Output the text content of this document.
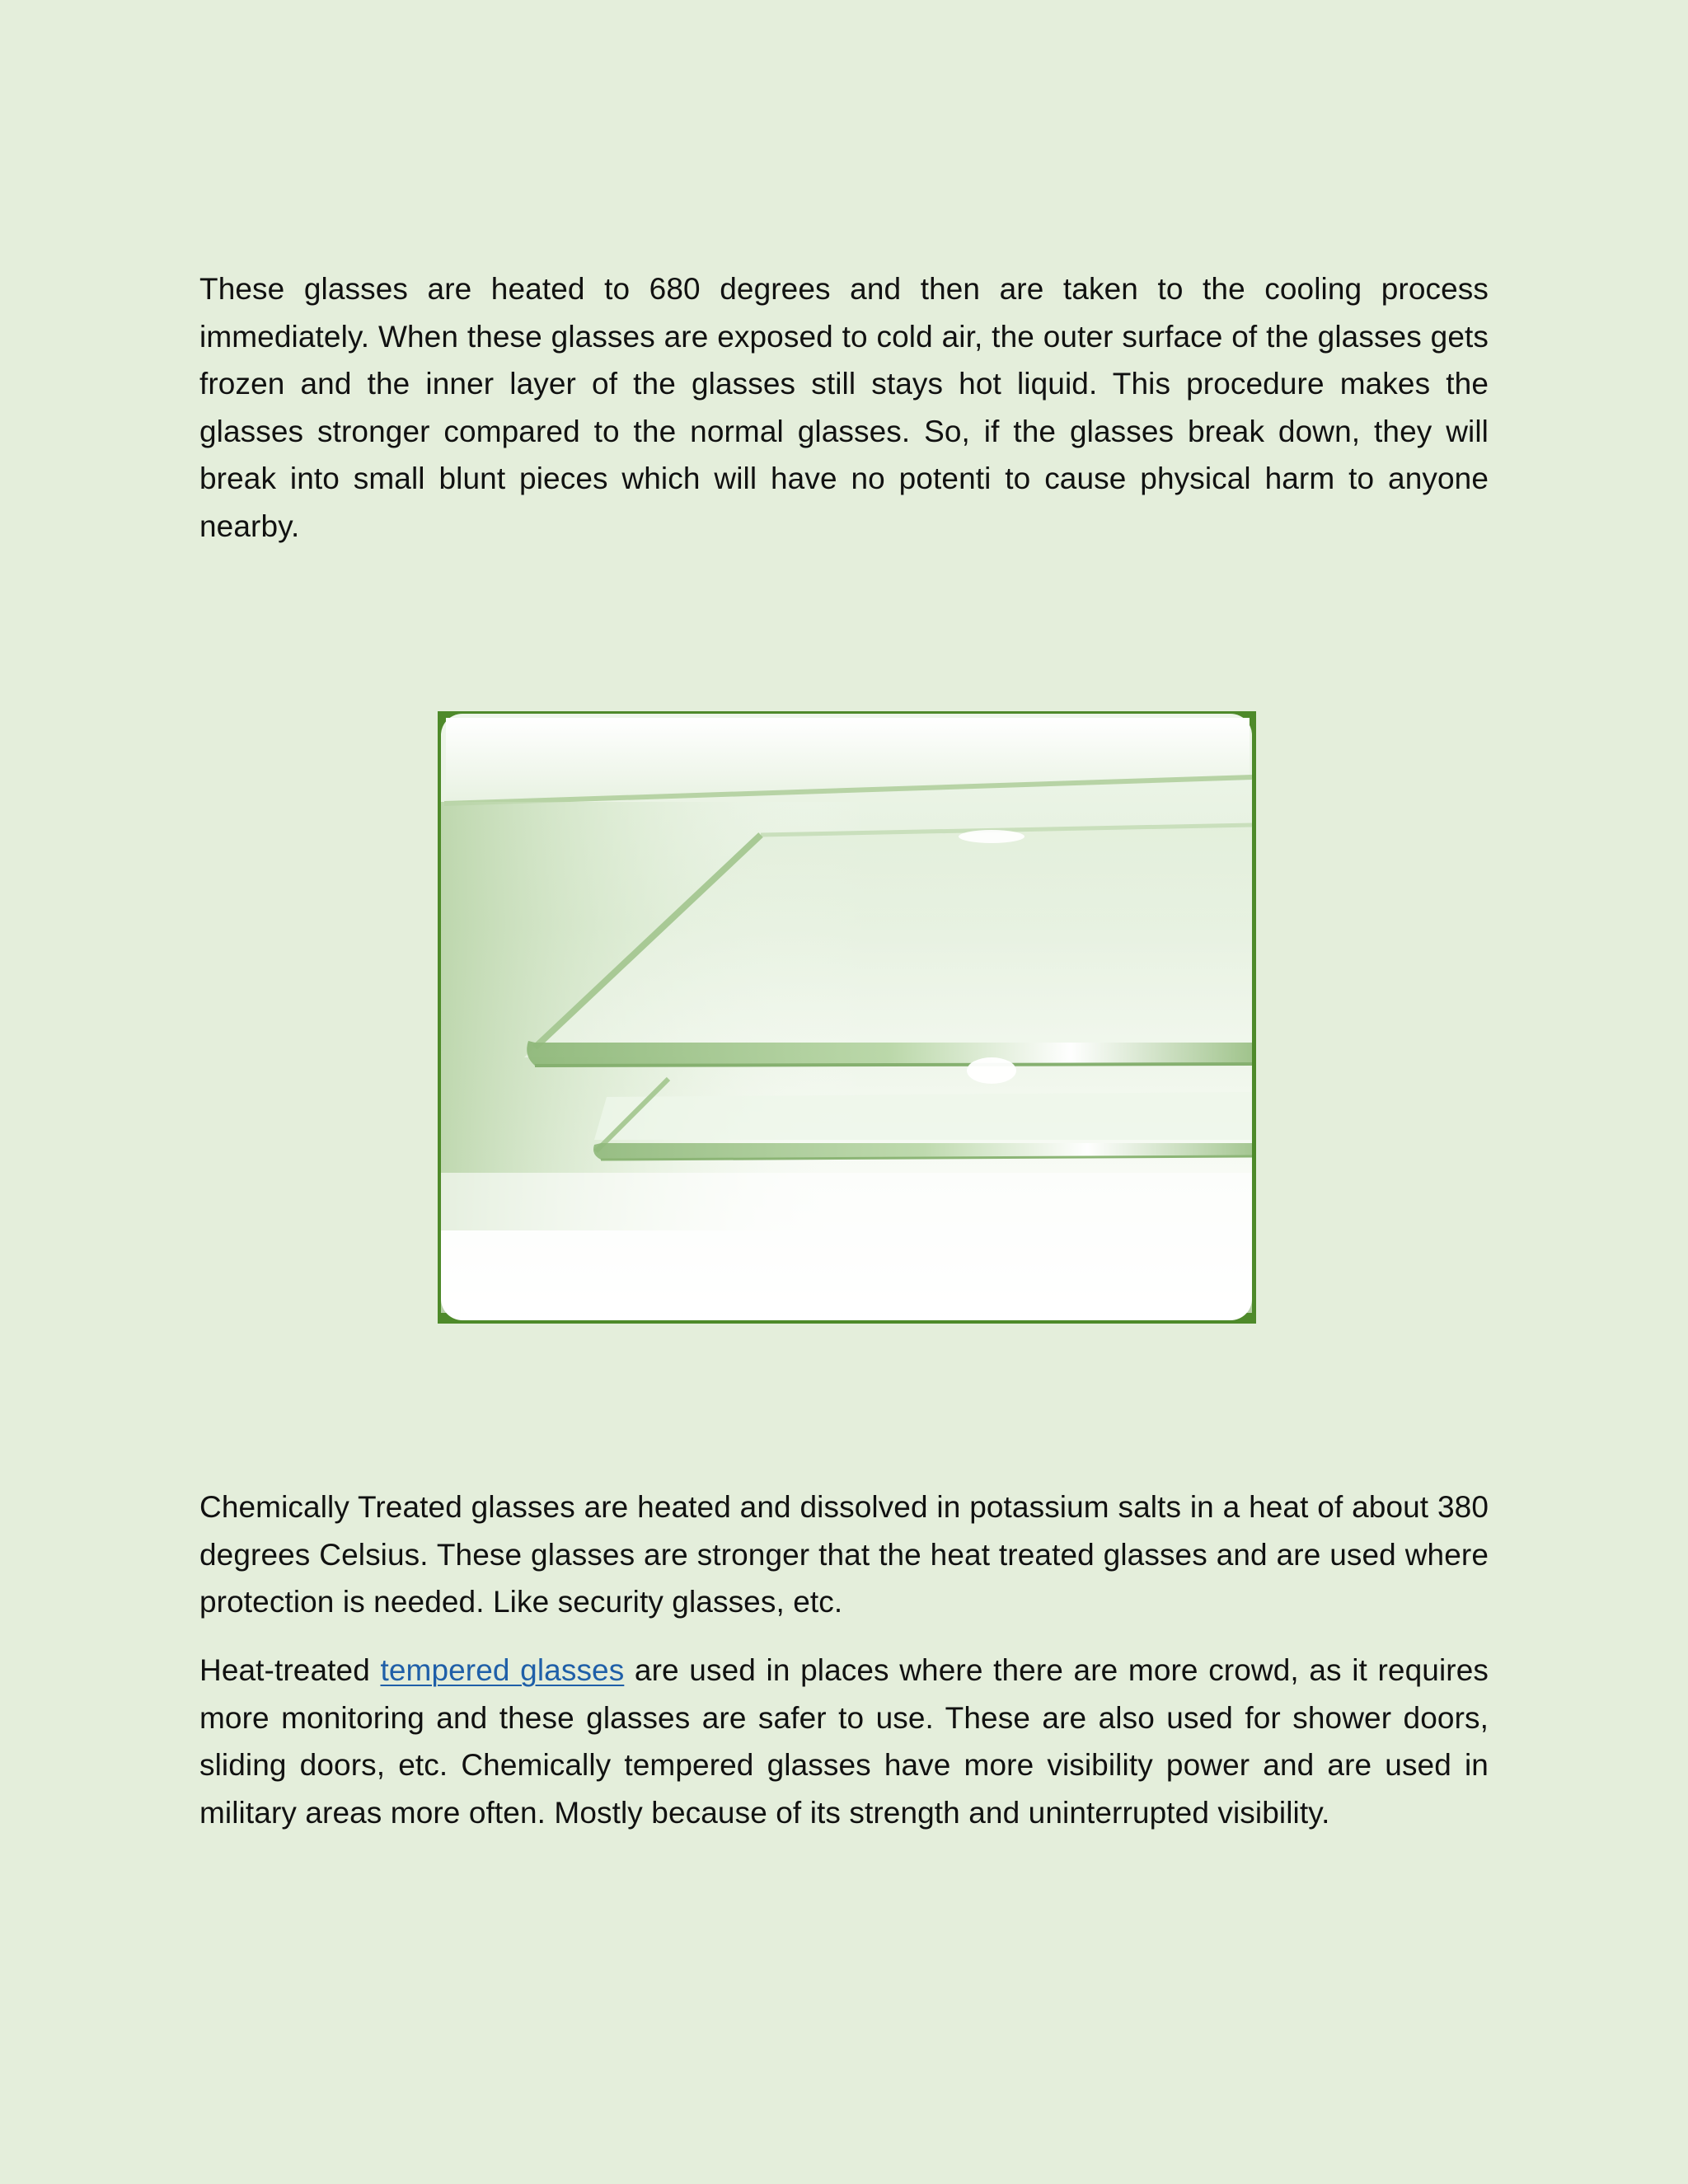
These glasses are heated to 680 degrees and then are taken to the cooling process immediately. When these glasses are exposed to cold air, the outer surface of the glasses gets frozen and the inner layer of the glasses still stays hot liquid. This procedure makes the glasses stronger compared to the normal glasses. So, if the glasses break down, they will break into small blunt pieces which will have no potenti to cause physical harm to anyone nearby.

Chemically Treated glasses are heated and dissolved in potassium salts in a heat of about 380 degrees Celsius. These glasses are stronger that the heat treated glasses and are used where protection is needed. Like security glasses, etc.

Heat-treated tempered glasses are used in places where there are more crowd, as it requires more monitoring and these glasses are safer to use. These are also used for shower doors, sliding doors, etc. Chemically tempered glasses have more visibility power and are used in military areas more often. Mostly because of its strength and uninterrupted visibility.
